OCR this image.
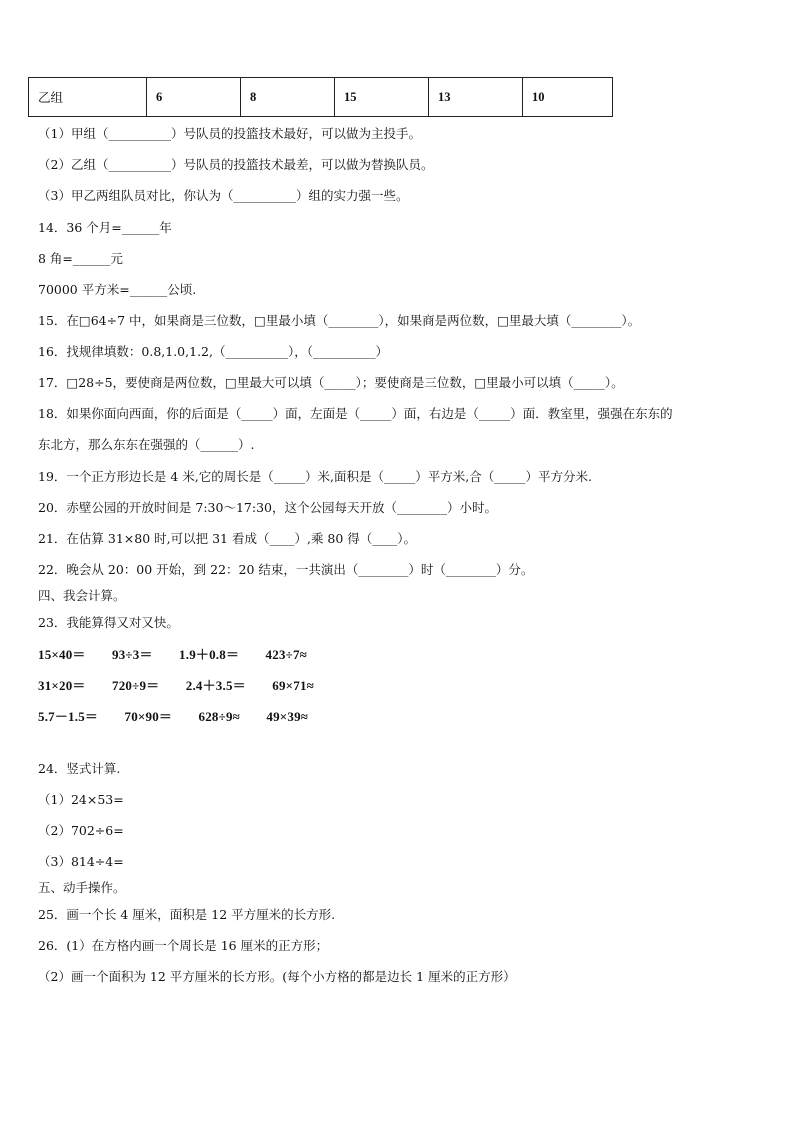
乙组	6	8	15	13	10
（1）甲组（__________）号队员的投篮技术最好，可以做为主投手。
（2）乙组（__________）号队员的投篮技术最差，可以做为替换队员。
（3）甲乙两组队员对比，你认为（__________）组的实力强一些。
14．36 个月=______年
8 角=______元
70000 平方米=______公顷.
15．在□64÷7 中，如果商是三位数，□里最小填（________），如果商是两位数，□里最大填（________）。
16．找规律填数：0.8,1.0,1.2,（__________），（__________）
17．□28÷5，要使商是两位数，□里最大可以填（_____）；要使商是三位数，□里最小可以填（_____）。
18．如果你面向西面，你的后面是（_____）面，左面是（_____）面，右边是（_____）面．教室里，强强在东东的
东北方，那么东东在强强的（______）.
19．一个正方形边长是 4 米,它的周长是（_____）米,面积是（_____）平方米,合（_____）平方分米.
20．赤壁公园的开放时间是 7:30～17:30，这个公园每天开放（________）小时。
21．在估算 31×80 时,可以把 31 看成（____）,乘 80 得（____）。
22．晚会从 20：00 开始，到 22：20 结束，一共演出（________）时（________）分。
四、我会计算。
23．我能算得又对又快。
15×40＝　　93÷3＝　　1.9＋0.8＝　　423÷7≈
31×20＝　　720÷9＝　　2.4＋3.5＝　　69×71≈
5.7－1.5＝　　70×90＝　　628÷9≈　　49×39≈
24．竖式计算.
（1）24×53=
（2）702÷6=
（3）814÷4=
五、动手操作。
25．画一个长 4 厘米，面积是 12 平方厘米的长方形.
26．(1）在方格内画一个周长是 16 厘米的正方形；
（2）画一个面积为 12 平方厘米的长方形。(每个小方格的都是边长 1 厘米的正方形）
